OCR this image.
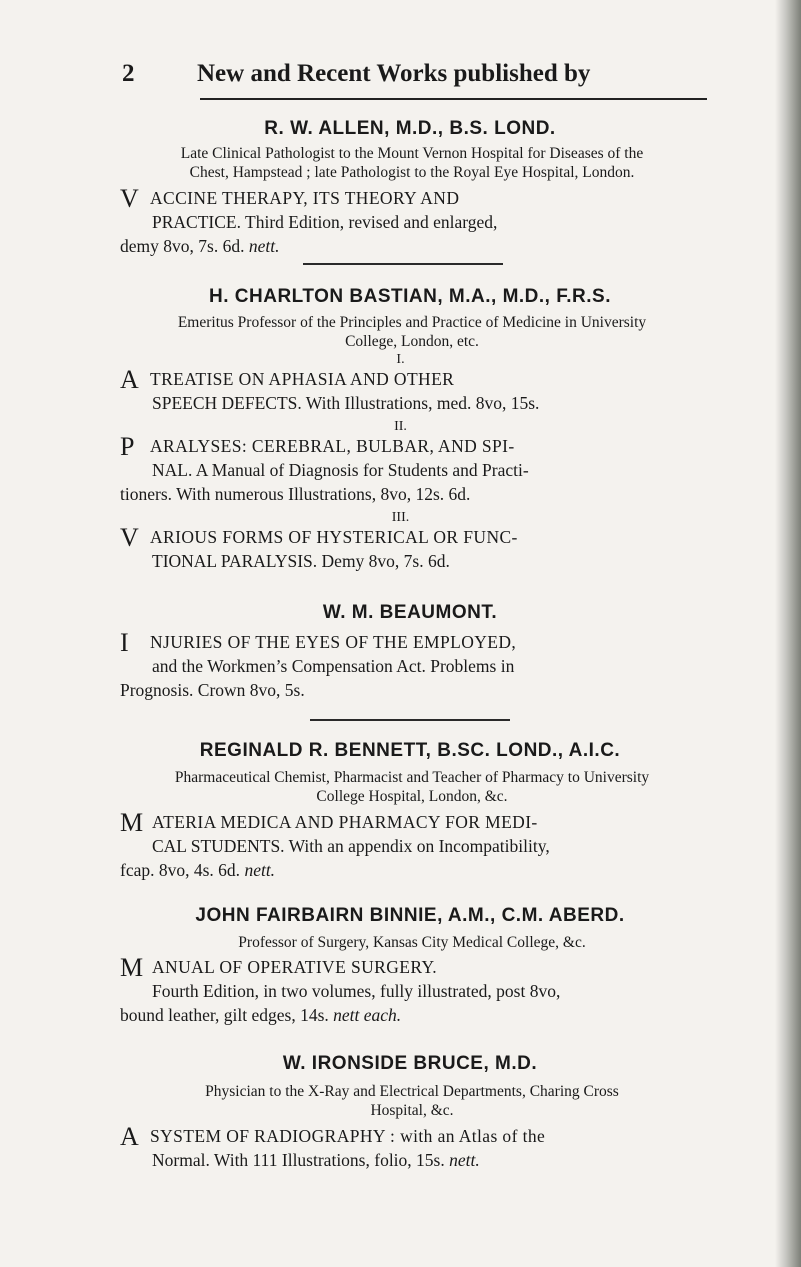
2	New and Recent Works published by
R. W. ALLEN, M.D., B.S. LOND.
Late Clinical Pathologist to the Mount Vernon Hospital for Diseases of the
Chest, Hampstead ; late Pathologist to the Royal Eye Hospital, London.
V ACCINE THERAPY, ITS THEORY AND
PRACTICE. Third Edition, revised and enlarged,
demy 8vo, 7s. 6d. nett.
H. CHARLTON BASTIAN, M.A., M.D., F.R.S.
Emeritus Professor of the Principles and Practice of Medicine in University
College, London, etc.
I.
A TREATISE ON APHASIA AND OTHER
SPEECH DEFECTS. With Illustrations, med. 8vo, 15s.
II.
P ARALYSES: CEREBRAL, BULBAR, AND SPI-
NAL. A Manual of Diagnosis for Students and Practi-
tioners. With numerous Illustrations, 8vo, 12s. 6d.
III.
V ARIOUS FORMS OF HYSTERICAL OR FUNC-
TIONAL PARALYSIS. Demy 8vo, 7s. 6d.
W. M. BEAUMONT.
I NJURIES OF THE EYES OF THE EMPLOYED,
and the Workmen’s Compensation Act. Problems in
Prognosis. Crown 8vo, 5s.
REGINALD R. BENNETT, B.SC. LOND., A.I.C.
Pharmaceutical Chemist, Pharmacist and Teacher of Pharmacy to University
College Hospital, London, &c.
M ATERIA MEDICA AND PHARMACY FOR MEDI-
CAL STUDENTS. With an appendix on Incompatibility,
fcap. 8vo, 4s. 6d. nett.
JOHN FAIRBAIRN BINNIE, A.M., C.M. ABERD.
Professor of Surgery, Kansas City Medical College, &c.
M ANUAL OF OPERATIVE SURGERY.
Fourth Edition, in two volumes, fully illustrated, post 8vo,
bound leather, gilt edges, 14s. nett each.
W. IRONSIDE BRUCE, M.D.
Physician to the X-Ray and Electrical Departments, Charing Cross
Hospital, &c.
A SYSTEM OF RADIOGRAPHY : with an Atlas of the
Normal. With 111 Illustrations, folio, 15s. nett.
